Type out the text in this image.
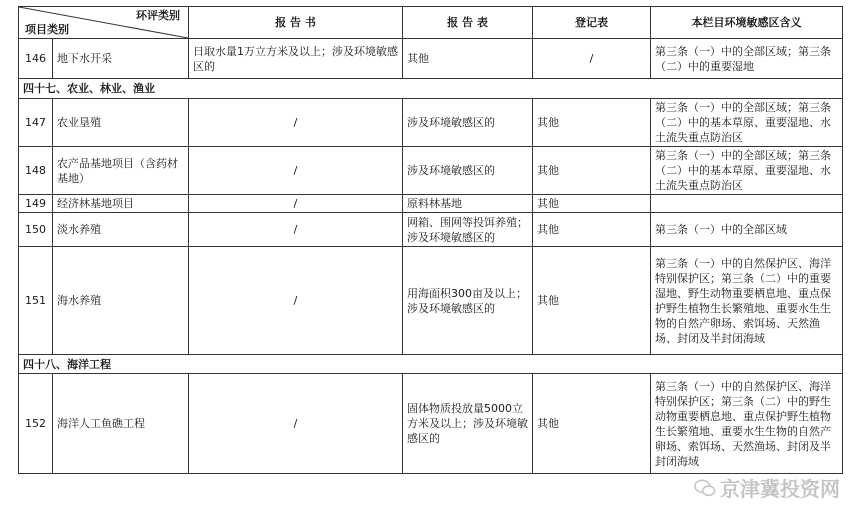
环评类别
项目类别		报 告 书	报 告 表	登记表	本栏目环境敏感区含义
146	地下水开采	日取水量1万立方米及以上；涉及环境敏感区的	其他	/	第三条（一）中的全部区域；第三条（二）中的重要湿地
四十七、农业、林业、渔业					
147	农业垦殖	/	涉及环境敏感区的	其他	第三条（一）中的全部区域；第三条（二）中的基本草原、重要湿地、水土流失重点防治区
148	农产品基地项目（含药材基地）	/	涉及环境敏感区的	其他	第三条（一）中的全部区域；第三条（二）中的基本草原、重要湿地、水土流失重点防治区
149	经济林基地项目	/	原料林基地	其他	
150	淡水养殖	/	网箱、围网等投饵养殖；涉及环境敏感区的	其他	第三条（一）中的全部区域
151	海水养殖	/	用海面积300亩及以上；涉及环境敏感区的	其他	第三条（一）中的自然保护区、海洋特别保护区；第三条（二）中的重要湿地、野生动物重要栖息地、重点保护野生植物生长繁殖地、重要水生生物的自然产卵场、索饵场、天然渔场、封闭及半封闭海域
四十八、海洋工程					
152	海洋人工鱼礁工程	/	固体物质投放量5000立方米及以上；涉及环境敏感区的	其他	第三条（一）中的自然保护区、海洋特别保护区；第三条（二）中的野生动物重要栖息地、重点保护野生植物生长繁殖地、重要水生生物的自然产卵场、索饵场、天然渔场、封闭及半封闭海域
京津冀投资网
